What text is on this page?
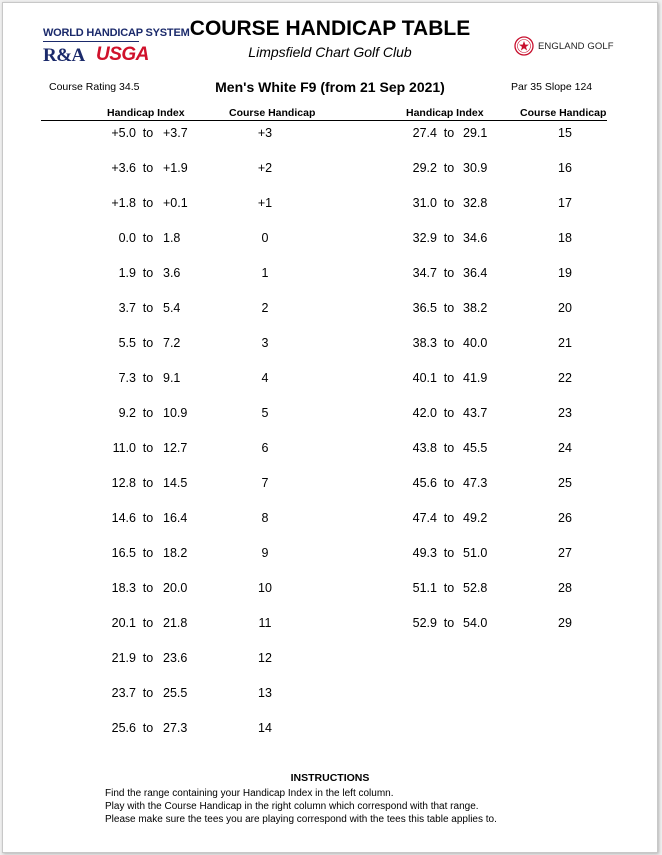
WORLD HANDICAP SYSTEM
R&A USGA
COURSE HANDICAP TABLE
Limpsfield Chart Golf Club	ENGLAND GOLF
Course Rating 34.5	Men's White F9 (from 21 Sep 2021)	Par 35 Slope 124
Handicap Index	Course Handicap	Handicap Index	Course Handicap
+5.0 to +3.7	+3
+3.6 to +1.9	+2
+1.8 to +0.1	+1
0.0 to 1.8	0
1.9 to 3.6	1
3.7 to 5.4	2
5.5 to 7.2	3
7.3 to 9.1	4
9.2 to 10.9	5
11.0 to 12.7	6
12.8 to 14.5	7
14.6 to 16.4	8
16.5 to 18.2	9
18.3 to 20.0	10
20.1 to 21.8	11
21.9 to 23.6	12
23.7 to 25.5	13
25.6 to 27.3	14
27.4 to 29.1	15
29.2 to 30.9	16
31.0 to 32.8	17
32.9 to 34.6	18
34.7 to 36.4	19
36.5 to 38.2	20
38.3 to 40.0	21
40.1 to 41.9	22
42.0 to 43.7	23
43.8 to 45.5	24
45.6 to 47.3	25
47.4 to 49.2	26
49.3 to 51.0	27
51.1 to 52.8	28
52.9 to 54.0	29
INSTRUCTIONS
Find the range containing your Handicap Index in the left column.
Play with the Course Handicap in the right column which correspond with that range.
Please make sure the tees you are playing correspond with the tees this table applies to.
